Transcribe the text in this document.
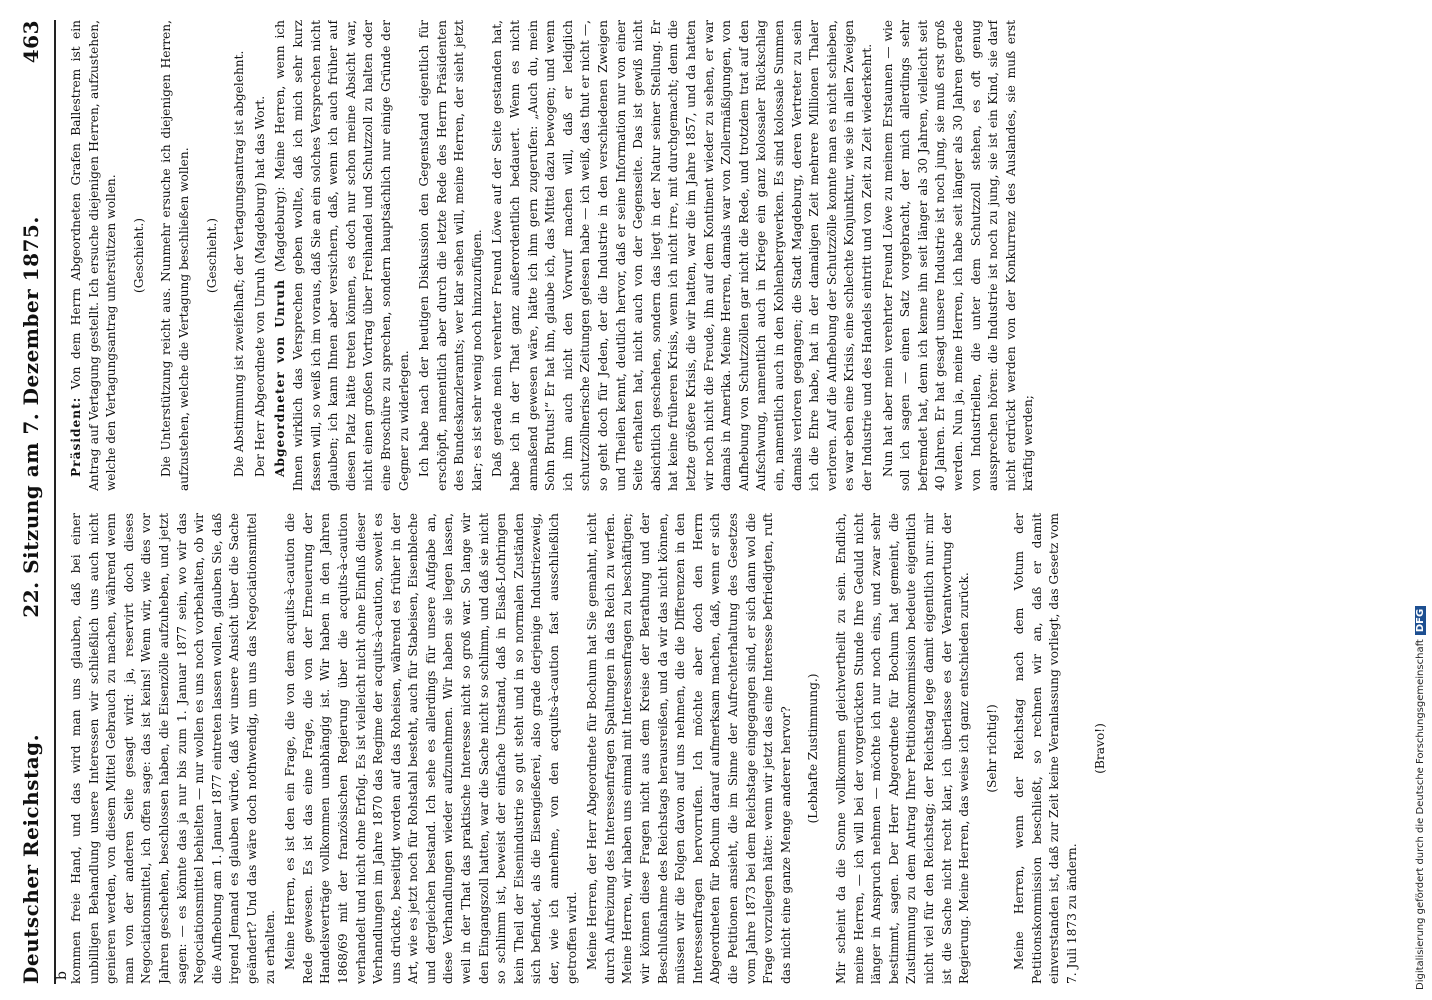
Deutscher Reichstag.
22. Sitzung am 7. Dezember 1875.
463
b kommen freie Hand, und das wird man uns glauben, daß bei einer unbilligen Behandlung unsere Interessen wir schließlich uns auch nicht genieren werden, von diesem Mittel Gebrauch zu machen, während wenn man von der anderen Seite gesagt wird: ja, reservirt doch dieses Negociationsmittel, ich offen sage: das ist keins! Wenn wir, wie dies vor Jahren geschehen, beschlossen haben, die Eisenzölle aufzuheben, und jetzt sagen: — es könnte das ja nur bis zum 1. Januar 1877 sein, wo wir das Negociationsmittel behielten — nur wollen es uns noch vorbehalten, ob wir die Aufhebung am 1. Januar 1877 eintreten lassen wollen, glauben Sie, daß irgend Jemand es glauben würde, daß wir unsere Ansicht über die Sache geändert? Und das wäre doch nothwendig, um uns das Negociationsmittel zu erhalten. Meine Herren, es ist den ein Frage, die von dem acquits-à-caution die Rede gewesen. Es ist das eine Frage, die von der Erneuerung der Handelsverträge vollkommen unabhängig ist. Wir haben in den Jahren 1868/69 mit der französischen Regierung über die acquits-à-caution verhandelt und nicht ohne Erfolg. Es ist vielleicht nicht ohne Einfluß dieser Verhandlungen im Jahre 1870 das Regime der acquits-à-caution, soweit es uns drückte, beseitigt worden auf das Roheisen, während es früher in der Art, wie es jetzt noch für Rohstahl besteht, auch für Stabeisen, Eisenbleche und dergleichen bestand. Ich sehe es allerdings für unsere Aufgabe an, diese Verhandlungen wieder aufzunehmen. Wir haben sie liegen lassen, weil in der That das praktische Interesse nicht so groß war. So lange wir den Eingangszoll hatten, war die Sache nicht so schlimm, und daß sie nicht so schlimm ist, beweist der einfache Umstand, daß in Elsaß-Lothringen kein Theil der Eisenindustrie so gut steht und in so normalen Zuständen sich befindet, als die Eisengießerei, also grade derjenige Industriezweig, der, wie ich annehme, von den acquits-à-caution fast ausschließlich getroffen wird. Meine Herren, der Herr Abgeordnete für Bochum hat Sie gemahnt, nicht durch Aufreizung des Interessenfragen Spaltungen in das Reich zu werfen. Meine Herren, wir haben uns einmal mit Interessenfragen zu beschäftigen; wir können diese Fragen nicht aus dem Kreise der Berathung und der Beschlußnahme des Reichstags herausreißen, und da wir das nicht können, müssen wir die Folgen davon auf uns nehmen, die die Differenzen in den Interessenfragen hervorrufen. Ich möchte aber doch den Herrn Abgeordneten für Bochum darauf aufmerksam machen, daß, wenn er sich die Petitionen ansieht, die im Sinne der Aufrechterhaltung des Gesetzes vom Jahre 1873 bei dem Reichstage eingegangen sind, er sich dann wol die Frage vorzulegen hätte: wenn wir jetzt das eine Interesse befriedigten, ruft das nicht eine ganze Menge anderer hervor? (Lebhafte Zustimmung.) Mir scheint da die Sonne vollkommen gleichvertheilt zu sein. Endlich, meine Herren, — ich will bei der vorgerückten Stunde Ihre Geduld nicht länger in Anspruch nehmen — möchte ich nur noch eins, und zwar sehr bestimmt, sagen. Der Herr Abgeordnete für Bochum hat gemeint, die Zustimmung zu dem Antrag Ihrer Petitionskommission bedeute eigentlich nicht viel für den Reichstag; der Reichstag lege damit eigentlich nur: mir ist die Sache nicht recht klar, ich überlasse es der Verantwortung der Regierung. Meine Herren, das weise ich ganz entschieden zurück. (Sehr richtig!) Meine Herren, wenn der Reichstag nach dem Votum der Petitionskommission beschließt, so rechnen wir an, daß er damit einverstanden ist, daß zur Zeit keine Veranlassung vorliegt, das Gesetz vom 7. Juli 1873 zu ändern.

(Bravo!)

Präsident: Von dem Herrn Abgeordneten Grafen Ballestrem ist ein Antrag auf Vertagung gestellt. Ich ersuche diejenigen Herren, aufzustehen, welche den Vertagungsantrag unterstützen wollen. (Geschieht.) Die Unterstützung reicht aus. Nunmehr ersuche ich diejenigen Herren, aufzustehen, welche die Vertagung beschließen wollen. (Geschieht.) Die Abstimmung ist zweifelhaft; der Vertagungsantrag ist abgelehnt. Der Herr Abgeordnete von Unruh (Magdeburg) hat das Wort. Abgeordneter von Unruh (Magdeburg): Meine Herren, wenn ich Ihnen wirklich das Versprechen geben wollte, daß ich mich sehr kurz fassen will, so weiß ich im voraus, daß Sie an ein solches Versprechen nicht glauben; ich kann Ihnen aber versichern, daß, wenn ich auch früher auf diesen Platz hätte treten können, es doch nur schon meine Absicht war, nicht einen großen Vortrag über Freihandel und Schutzzoll zu halten oder eine Broschüre zu sprechen, sondern hauptsächlich nur einige Gründe der Gegner zu widerlegen. Ich habe nach der heutigen Diskussion den Gegenstand eigentlich für erschöpft, namentlich aber durch die letzte Rede des Herrn Präsidenten des Bundeskanzleramts; wer klar sehen will, meine Herren, der sieht jetzt klar; es ist sehr wenig noch hinzuzufügen. Daß gerade mein verehrter Freund Löwe auf der Seite gestanden hat, habe ich in der That ganz außerordentlich bedauert. Wenn es nicht anmaßend gewesen wäre, hätte ich ihm gern zugerufen: „Auch du, mein Sohn Brutus!“ Er hat ihn, glaube ich, das Mittel dazu bewogen; und wenn ich ihm auch nicht den Vorwurf machen will, daß er lediglich schutzzöllnerische Zeitungen gelesen habe — ich weiß, das thut er nicht —, so geht doch für Jeden, der die Industrie in den verschiedenen Zweigen und Theilen kennt, deutlich hervor, daß er seine Information nur von einer Seite erhalten hat, nicht auch von der Gegenseite. Das ist gewiß nicht absichtlich geschehen, sondern das liegt in der Natur seiner Stellung. Er hat keine früheren Krisis, wenn ich nicht irre, mit durchgemacht; denn die letzte größere Krisis, die wir hatten, war die im Jahre 1857, und da hatten wir noch nicht die Freude, ihn auf dem Kontinent wieder zu sehen, er war damals in Amerika. Meine Herren, damals war von Zollermäßigungen, von Aufhebung von Schutzzöllen gar nicht die Rede, und trotzdem trat auf den Aufschwung, namentlich auch in Kriege ein ganz kolossaler Rückschlag ein, namentlich auch in den Kohlenbergwerken. Es sind kolossale Summen damals verloren gegangen; die Stadt Magdeburg, deren Vertreter zu sein ich die Ehre habe, hat in der damaligen Zeit mehrere Millionen Thaler verloren. Auf die Aufhebung der Schutzzölle konnte man es nicht schieben, es war eben eine Krisis, eine schlechte Konjunktur, wie sie in allen Zweigen der Industrie und des Handels eintritt und von Zeit zu Zeit wiederkehrt. Nun hat aber mein verehrter Freund Löwe zu meinem Erstaunen — wie soll ich sagen — einen Satz vorgebracht, der mich allerdings sehr befremdet hat, denn ich kenne ihn seit länger als 30 Jahren, vielleicht seit 40 Jahren. Er hat gesagt unsere Industrie ist noch jung, sie muß erst groß werden. Nun ja, meine Herren, ich habe seit länger als 30 Jahren gerade von Industriellen, die unter dem Schutzzoll stehen, es oft genug aussprechen hören: die Industrie ist noch zu jung, sie ist ein Kind, sie darf nicht erdrückt werden von der Konkurrenz des Auslandes, sie muß erst kräftig werden;

Digitalisierung gefördert durch die Deutsche ForschungsgemeinschaftDFG
